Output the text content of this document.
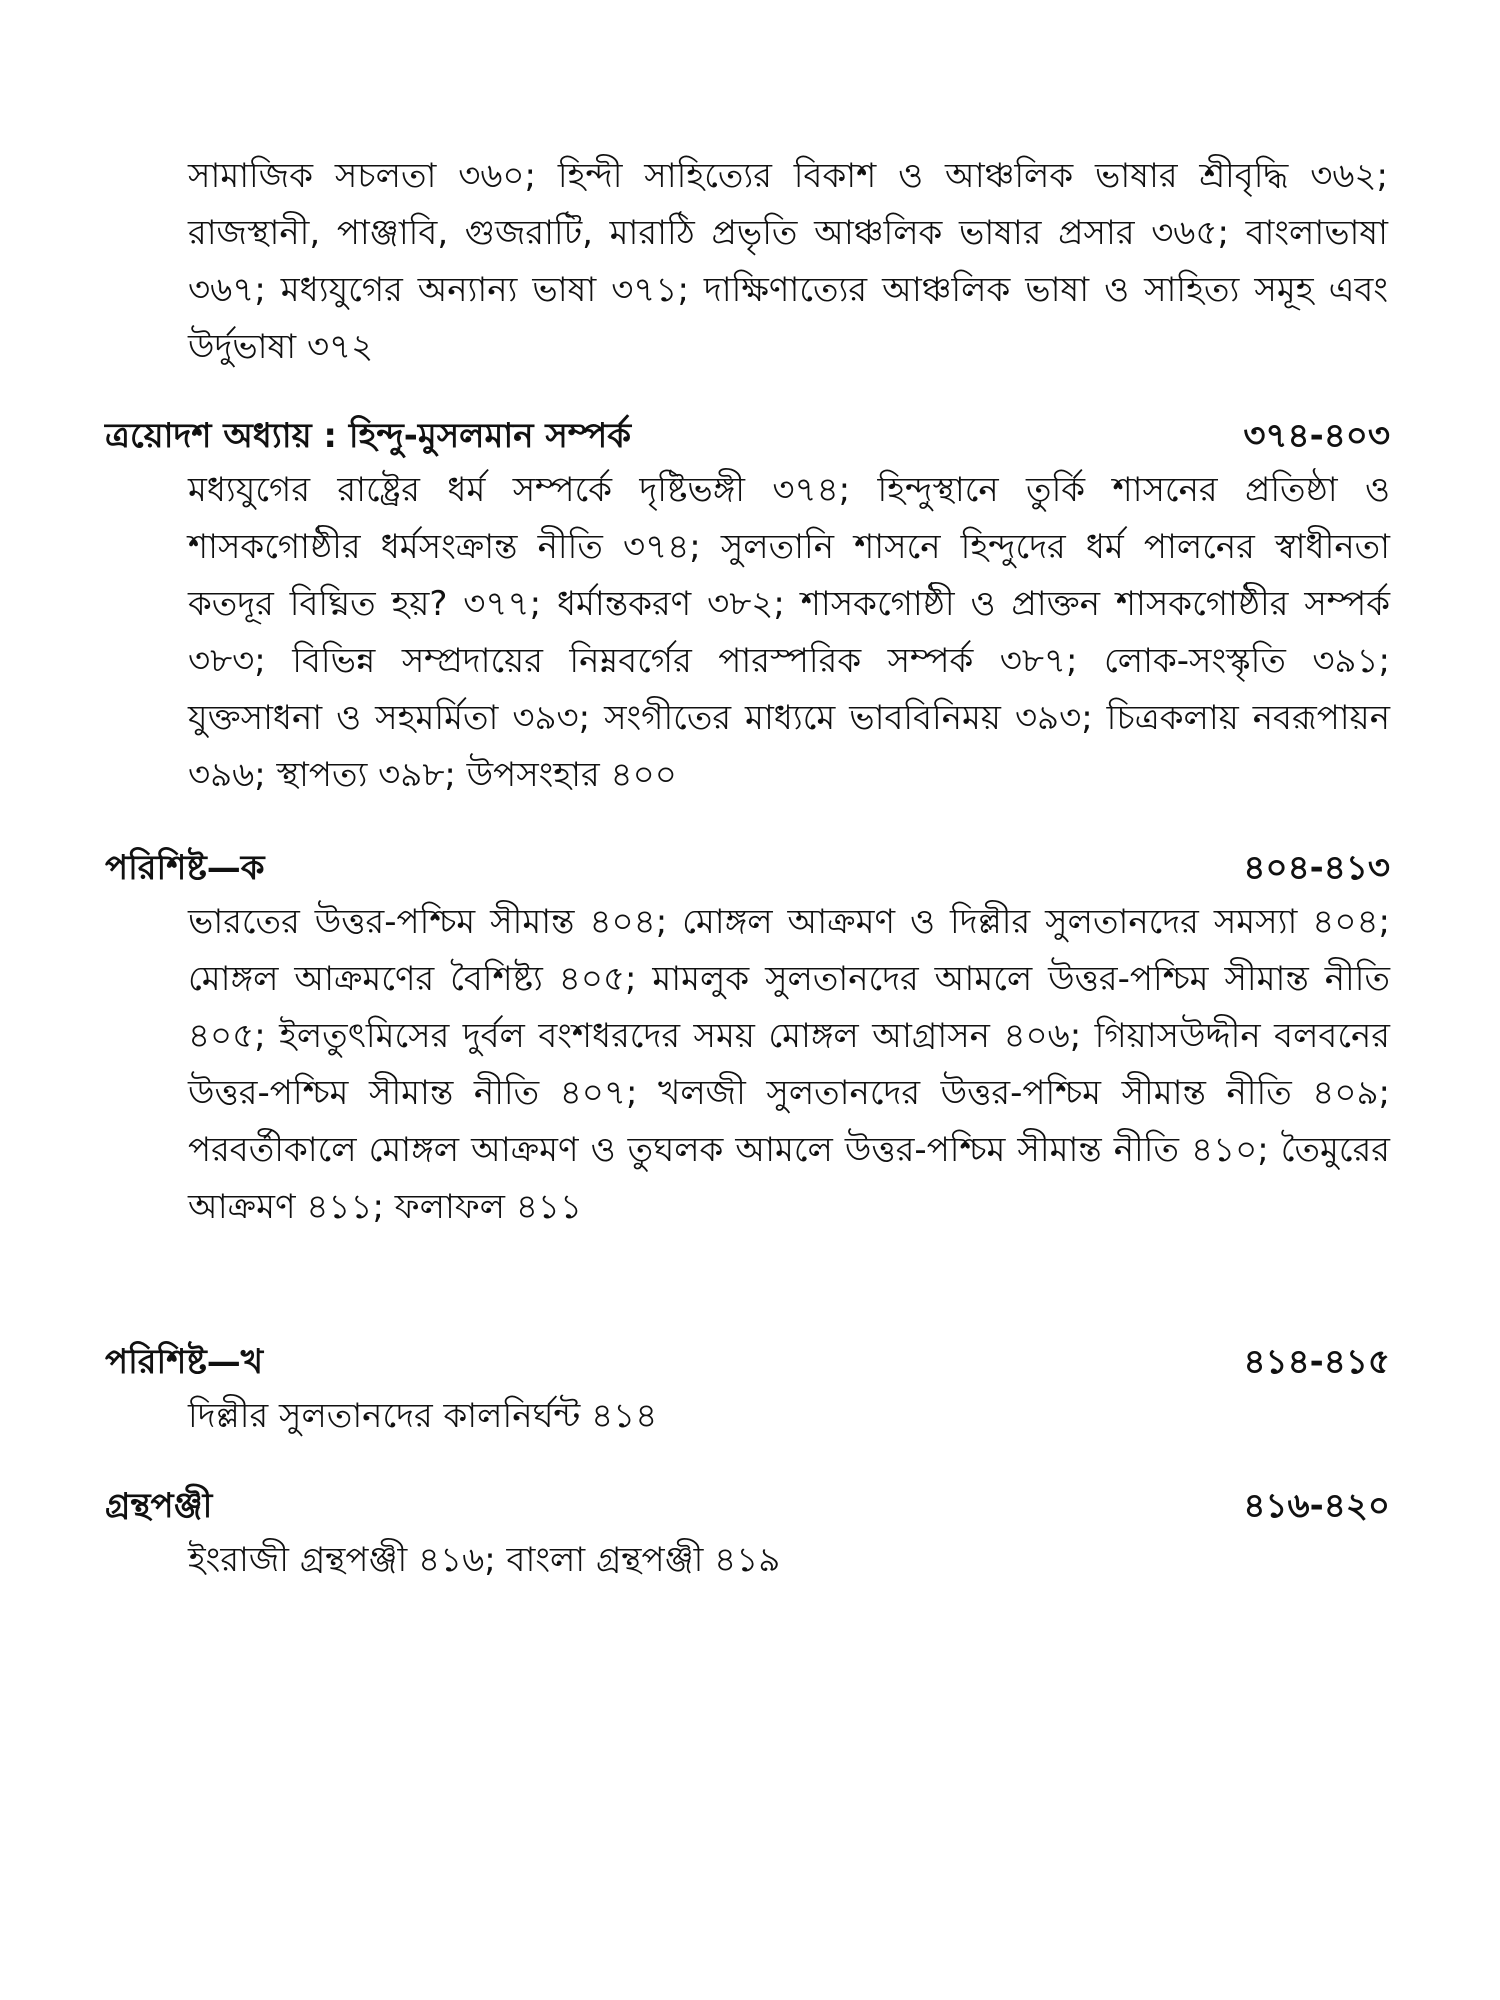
সামাজিক সচলতা ৩৬০; হিন্দী সাহিত্যের বিকাশ ও আঞ্চলিক ভাষার শ্রীবৃদ্ধি ৩৬২; রাজস্থানী, পাঞ্জাবি, গুজরাটি, মারাঠি প্রভৃতি আঞ্চলিক ভাষার প্রসার ৩৬৫; বাংলাভাষা ৩৬৭; মধ্যযুগের অন্যান্য ভাষা ৩৭১; দাক্ষিণাত্যের আঞ্চলিক ভাষা ও সাহিত্য সমূহ এবং উর্দুভাষা ৩৭২

ত্রয়োদশ অধ্যায় : হিন্দু-মুসলমান সম্পর্ক	৩৭৪-৪০৩
মধ্যযুগের রাষ্ট্রের ধর্ম সম্পর্কে দৃষ্টিভঙ্গী ৩৭৪; হিন্দুস্থানে তুর্কি শাসনের প্রতিষ্ঠা ও শাসকগোষ্ঠীর ধর্মসংক্রান্ত নীতি ৩৭৪; সুলতানি শাসনে হিন্দুদের ধর্ম পালনের স্বাধীনতা কতদূর বিঘ্নিত হয়? ৩৭৭; ধর্মান্তকরণ ৩৮২; শাসকগোষ্ঠী ও প্রাক্তন শাসকগোষ্ঠীর সম্পর্ক ৩৮৩; বিভিন্ন সম্প্রদায়ের নিম্নবর্গের পারস্পরিক সম্পর্ক ৩৮৭; লোক-সংস্কৃতি ৩৯১; যুক্তসাধনা ও সহমর্মিতা ৩৯৩; সংগীতের মাধ্যমে ভাববিনিময় ৩৯৩; চিত্রকলায় নবরূপায়ন ৩৯৬; স্থাপত্য ৩৯৮; উপসংহার ৪০০
পরিশিষ্ট—ক	৪০৪-৪১৩
ভারতের উত্তর-পশ্চিম সীমান্ত ৪০৪; মোঙ্গল আক্রমণ ও দিল্লীর সুলতানদের সমস্যা ৪০৪; মোঙ্গল আক্রমণের বৈশিষ্ট্য ৪০৫; মামলুক সুলতানদের আমলে উত্তর-পশ্চিম সীমান্ত নীতি ৪০৫; ইলতুৎমিসের দুর্বল বংশধরদের সময় মোঙ্গল আগ্রাসন ৪০৬; গিয়াসউদ্দীন বলবনের উত্তর-পশ্চিম সীমান্ত নীতি ৪০৭; খলজী সুলতানদের উত্তর-পশ্চিম সীমান্ত নীতি ৪০৯; পরবর্তীকালে মোঙ্গল আক্রমণ ও তুঘলক আমলে উত্তর-পশ্চিম সীমান্ত নীতি ৪১০; তৈমুরের আক্রমণ ৪১১; ফলাফল ৪১১
পরিশিষ্ট—খ	৪১৪-৪১৫
দিল্লীর সুলতানদের কালনির্ঘন্ট ৪১৪
গ্রন্থপঞ্জী	৪১৬-৪২০
ইংরাজী গ্রন্থপঞ্জী ৪১৬; বাংলা গ্রন্থপঞ্জী ৪১৯
